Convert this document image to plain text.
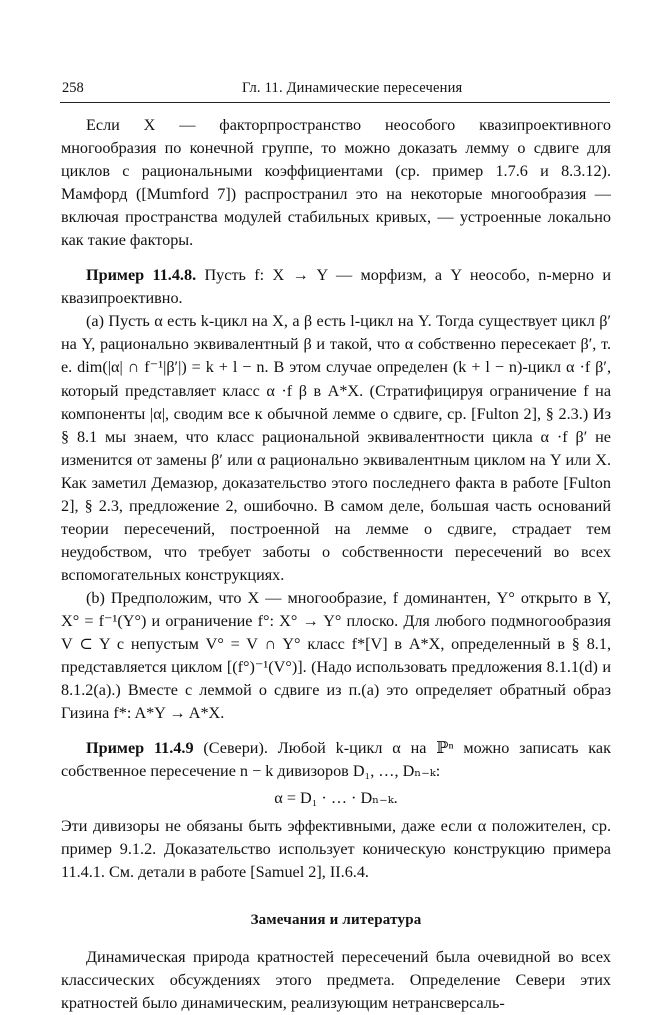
258	Гл. 11. Динамические пересечения

Если X — факторпространство неособого квазипроективного многообразия по конечной группе, то можно доказать лемму о сдвиге для циклов с рациональными коэффициентами (ср. пример 1.7.6 и 8.3.12). Мамфорд ([Mumford 7]) распространил это на некоторые многообразия — включая пространства модулей стабильных кривых, — устроенные локально как такие факторы.

Пример 11.4.8. Пусть f: X → Y — морфизм, а Y неособо, n-мерно и квазипроективно.

(a) Пусть α есть k-цикл на X, а β есть l-цикл на Y. Тогда существует цикл β′ на Y, рационально эквивалентный β и такой, что α собственно пересекает β′, т. е. dim(|α| ∩ f⁻¹|β′|) = k + l − n. В этом случае определен (k + l − n)-цикл α ·f β′, который представляет класс α ·f β в A*X. (Стратифицируя ограничение f на компоненты |α|, сводим все к обычной лемме о сдвиге, ср. [Fulton 2], § 2.3.) Из § 8.1 мы знаем, что класс рациональной эквивалентности цикла α ·f β′ не изменится от замены β′ или α рационально эквивалентным циклом на Y или X. Как заметил Демазюр, доказательство этого последнего факта в работе [Fulton 2], § 2.3, предложение 2, ошибочно. В самом деле, большая часть оснований теории пересечений, построенной на лемме о сдвиге, страдает тем неудобством, что требует заботы о собственности пересечений во всех вспомогательных конструкциях.

(b) Предположим, что X — многообразие, f доминантен, Y° открыто в Y, X° = f⁻¹(Y°) и ограничение f°: X° → Y° плоско. Для любого подмногообразия V ⊂ Y с непустым V° = V ∩ Y° класс f*[V] в A*X, определенный в § 8.1, представляется циклом [(f°)⁻¹(V°)]. (Надо использовать предложения 8.1.1(d) и 8.1.2(a).) Вместе с леммой о сдвиге из п.(a) это определяет обратный образ Гизина f*: A*Y → A*X.

Пример 11.4.9 (Севери). Любой k-цикл α на ℙⁿ можно записать как собственное пересечение n − k дивизоров D₁, …, Dₙ₋ₖ:

α = D₁ · … · Dₙ₋ₖ.

Эти дивизоры не обязаны быть эффективными, даже если α положителен, ср. пример 9.1.2. Доказательство использует коническую конструкцию примера 11.4.1. См. детали в работе [Samuel 2], II.6.4.

Замечания и литература

Динамическая природа кратностей пересечений была очевидной во всех классических обсуждениях этого предмета. Определение Севери этих кратностей было динамическим, реализующим нетрансверсаль-
